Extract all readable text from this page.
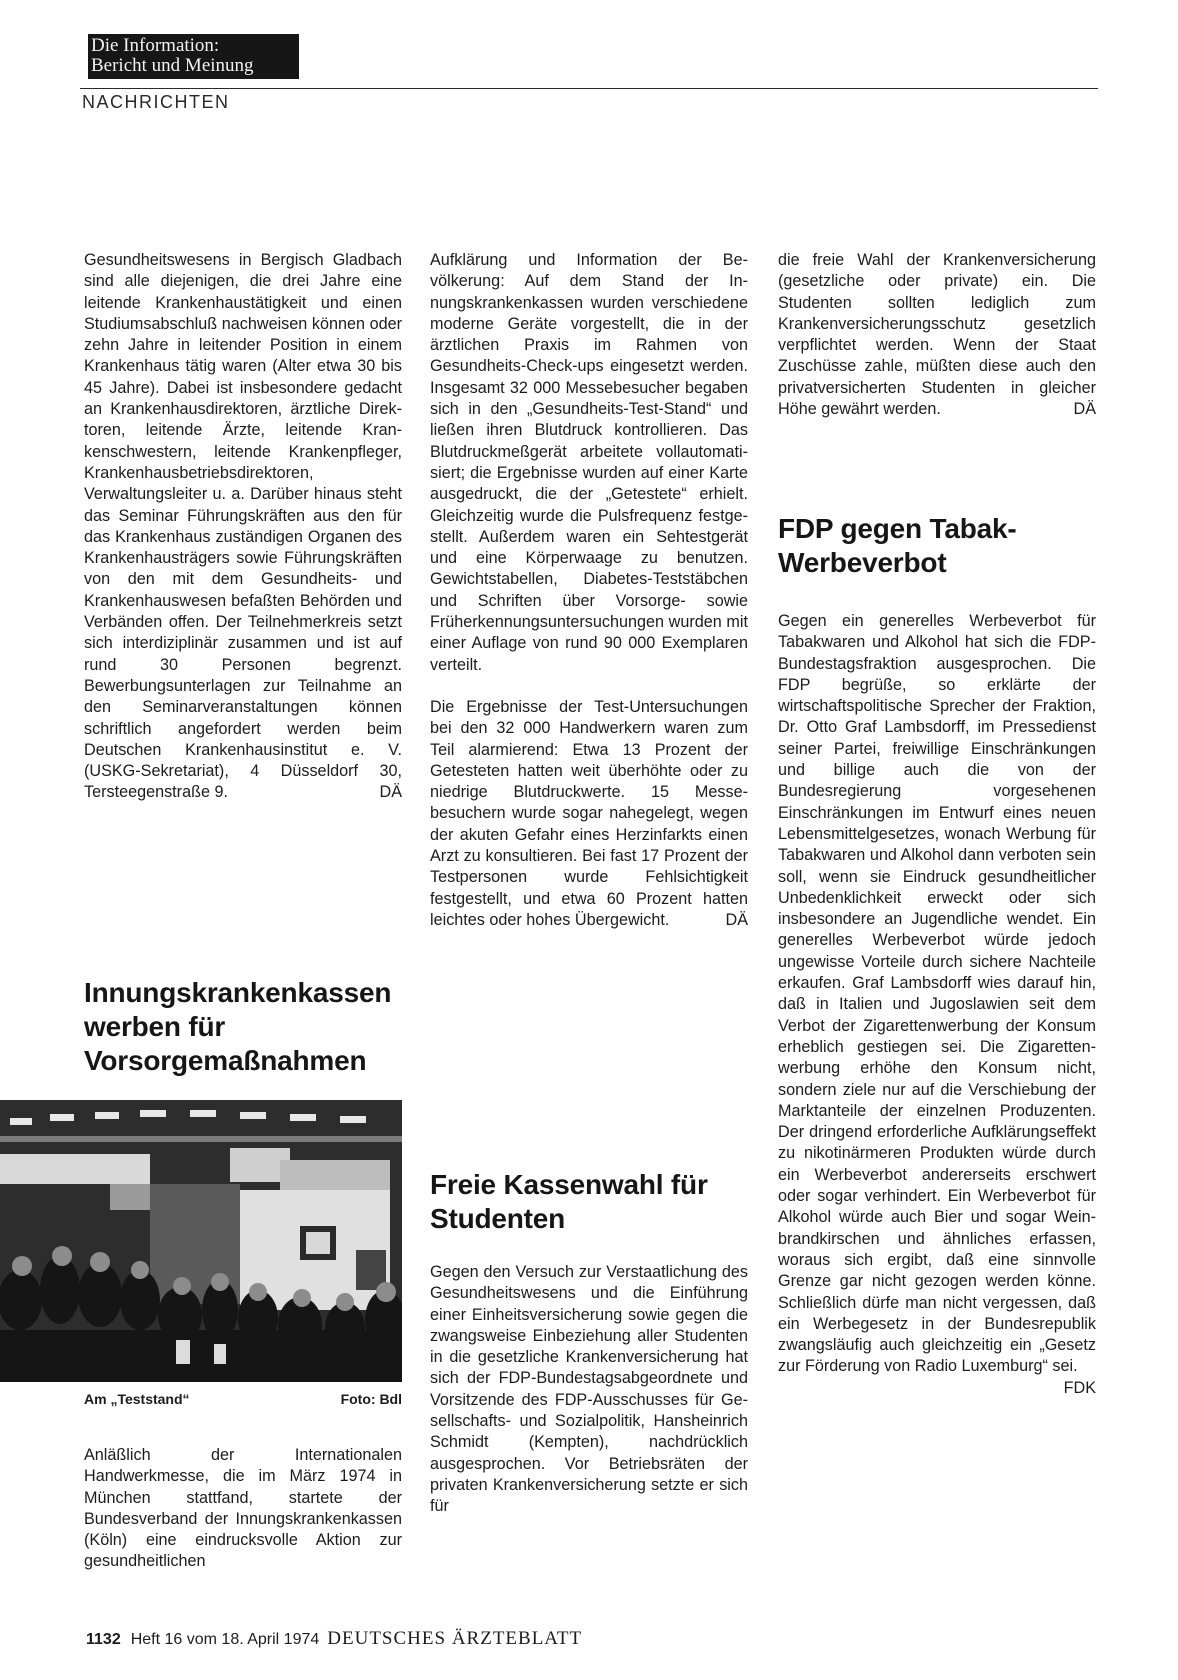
Die Information:
Bericht und Meinung
NACHRICHTEN

Gesundheitswesens in Bergisch Gladbach sind alle diejenigen, die drei Jahre eine leitende Krankenhaustätigkeit und einen Studiumsabschluß nachweisen können oder zehn Jahre in leitender Position in einem Krankenhaus tätig waren (Alter etwa 30 bis 45 Jahre). Dabei ist insbesondere gedacht an Krankenhausdirektoren, ärztliche Direktoren, leitende Ärzte, leitende Krankenschwestern, leitende Krankenpfleger, Krankenhausbetriebsdirektoren, Verwaltungsleiter u. a. Darüber hinaus steht das Seminar Führungskräften aus den für das Krankenhaus zuständigen Organen des Krankenhausträgers sowie Führungskräften von den mit dem Gesundheits- und Krankenhauswesen befaßten Behörden und Verbänden offen. Der Teilnehmerkreis setzt sich interdiziplinär zusammen und ist auf rund 30 Personen begrenzt. Bewerbungsunterlagen zur Teilnahme an den Seminarveranstaltungen können schriftlich angefordert werden beim Deutschen Krankenhausinstitut e. V. (USKG-Sekretariat), 4 Düsseldorf 30, Tersteegenstraße 9.	DÄ

Innungskrankenkassen werben für Vorsorgemaßnahmen
Am „Teststand“	Foto: Bdl

Anläßlich der Internationalen Handwerkmesse, die im März 1974 in München stattfand, startete der Bundesverband der Innungskrankenkassen (Köln) eine eindrucksvolle Aktion zur gesundheitlichen

Aufklärung und Information der Bevölkerung: Auf dem Stand der Innungskrankenkassen wurden verschiedene moderne Geräte vorgestellt, die in der ärztlichen Praxis im Rahmen von Gesundheits-Check-ups eingesetzt werden. Insgesamt 32 000 Messebesucher begaben sich in den „Gesundheits-Test-Stand“ und ließen ihren Blutdruck kontrollieren. Das Blutdruckmeßgerät arbeitete vollautomatisiert; die Ergebnisse wurden auf einer Karte ausgedruckt, die der „Getestete“ erhielt. Gleichzeitig wurde die Pulsfrequenz festgestellt. Außerdem waren ein Sehtestgerät und eine Körperwaage zu benutzen. Gewichtstabellen, Diabetes-Teststäbchen und Schriften über Vorsorge- sowie Früherkennungsuntersuchungen wurden mit einer Auflage von rund 90 000 Exemplaren verteilt.

Die Ergebnisse der Test-Untersuchungen bei den 32 000 Handwerkern waren zum Teil alarmierend: Etwa 13 Prozent der Getesteten hatten weit überhöhte oder zu niedrige Blutdruckwerte. 15 Messebesuchern wurde sogar nahegelegt, wegen der akuten Gefahr eines Herzinfarkts einen Arzt zu konsultieren. Bei fast 17 Prozent der Testpersonen wurde Fehlsichtigkeit festgestellt, und etwa 60 Prozent hatten leichtes oder hohes Übergewicht.	DÄ

Freie Kassenwahl für Studenten

Gegen den Versuch zur Verstaatlichung des Gesundheitswesens und die Einführung einer Einheitsversicherung sowie gegen die zwangsweise Einbeziehung aller Studenten in die gesetzliche Krankenversicherung hat sich der FDP-Bundestagsabgeordnete und Vorsitzende des FDP-Ausschusses für Gesellschafts- und Sozialpolitik, Hansheinrich Schmidt (Kempten), nachdrücklich ausgesprochen. Vor Betriebsräten der privaten Krankenversicherung setzte er sich für

die freie Wahl der Krankenversicherung (gesetzliche oder private) ein. Die Studenten sollten lediglich zum Krankenversicherungsschutz gesetzlich verpflichtet werden. Wenn der Staat Zuschüsse zahle, müßten diese auch den privatversicherten Studenten in gleicher Höhe gewährt werden.	DÄ

FDP gegen Tabak-Werbeverbot

Gegen ein generelles Werbeverbot für Tabakwaren und Alkohol hat sich die FDP-Bundestagsfraktion ausgesprochen. Die FDP begrüße, so erklärte der wirtschaftspolitische Sprecher der Fraktion, Dr. Otto Graf Lambsdorff, im Pressedienst seiner Partei, freiwillige Einschränkungen und billige auch die von der Bundesregierung vorgesehenen Einschränkungen im Entwurf eines neuen Lebensmittelgesetzes, wonach Werbung für Tabakwaren und Alkohol dann verboten sein soll, wenn sie Eindruck gesundheitlicher Unbedenklichkeit erweckt oder sich insbesondere an Jugendliche wendet. Ein generelles Werbeverbot würde jedoch ungewisse Vorteile durch sichere Nachteile erkaufen. Graf Lambsdorff wies darauf hin, daß in Italien und Jugoslawien seit dem Verbot der Zigarettenwerbung der Konsum erheblich gestiegen sei. Die Zigarettenwerbung erhöhe den Konsum nicht, sondern ziele nur auf die Verschiebung der Marktanteile der einzelnen Produzenten. Der dringend erforderliche Aufklärungseffekt zu nikotinärmeren Produkten würde durch ein Werbeverbot andererseits erschwert oder sogar verhindert. Ein Werbeverbot für Alkohol würde auch Bier und sogar Weinbrandkirschen und ähnliches erfassen, woraus sich ergibt, daß eine sinnvolle Grenze gar nicht gezogen werden könne. Schließlich dürfe man nicht vergessen, daß ein Werbegesetz in der Bundesrepublik zwangsläufig auch gleichzeitig ein „Gesetz zur Förderung von Radio Luxemburg“ sei.
FDK

1132 Heft 16 vom 18. April 1974 DEUTSCHES ÄRZTEBLATT
